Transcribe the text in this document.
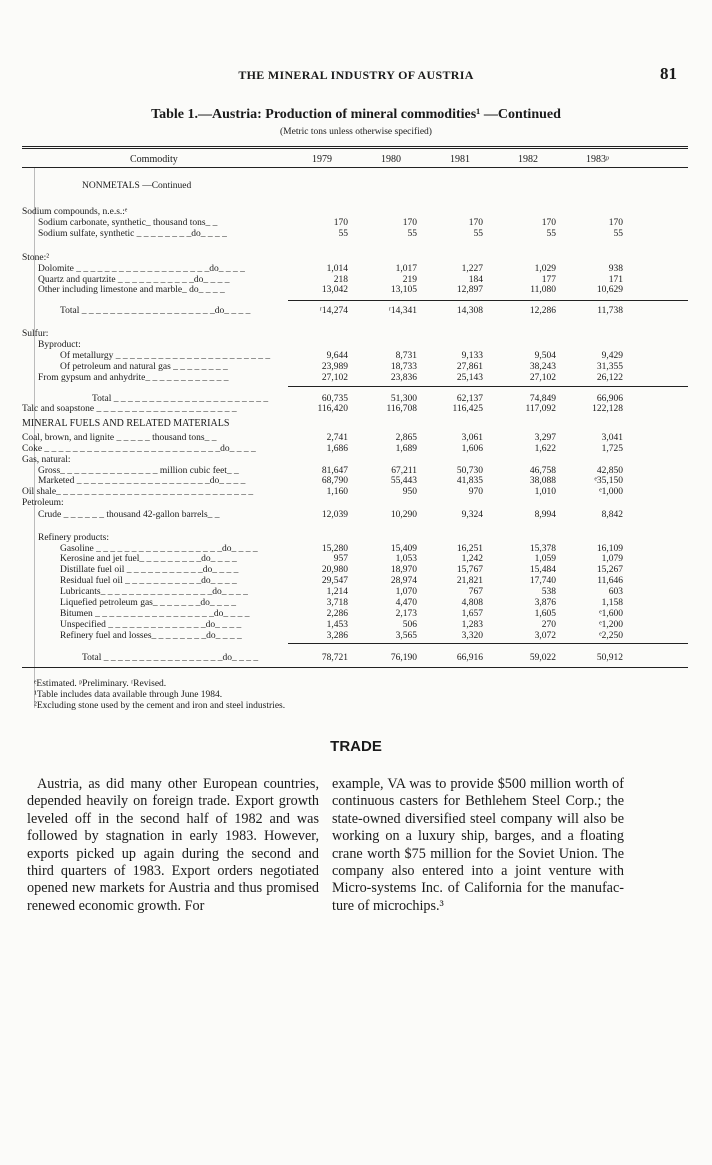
THE MINERAL INDUSTRY OF AUSTRIA	81
Table 1.—Austria: Production of mineral commodities¹ —Continued
(Metric tons unless otherwise specified)
Commodity	1979	1980	1981	1982	1983ᵖ
NONMETALS —Continued
Sodium compounds, n.e.s.:ᵉ
Sodium carbonate, synthetic_ thousand tons_ _	170	170	170	170	170
Sodium sulfate, synthetic _ _ _ _ _ _ _ _do_ _ _ _	55	55	55	55	55
Stone:²
Dolomite _ _ _ _ _ _ _ _ _ _ _ _ _ _ _ _ _ _ _do_ _ _ _	1,014	1,017	1,227	1,029	938
Quartz and quartzite _ _ _ _ _ _ _ _ _ _ _do_ _ _ _	218	219	184	177	171
Other including limestone and marble_ do_ _ _ _	13,042	13,105	12,897	11,080	10,629
Total _ _ _ _ _ _ _ _ _ _ _ _ _ _ _ _ _ _ _do_ _ _ _	ʳ14,274	ʳ14,341	14,308	12,286	11,738
Sulfur:
Byproduct:
Of metallurgy _ _ _ _ _ _ _ _ _ _ _ _ _ _ _ _ _ _ _ _ _ _	9,644	8,731	9,133	9,504	9,429
Of petroleum and natural gas _ _ _ _ _ _ _ _	23,989	18,733	27,861	38,243	31,355
From gypsum and anhydrite_ _ _ _ _ _ _ _ _ _ _ _	27,102	23,836	25,143	27,102	26,122
Total _ _ _ _ _ _ _ _ _ _ _ _ _ _ _ _ _ _ _ _ _ _	60,735	51,300	62,137	74,849	66,906
Talc and soapstone _ _ _ _ _ _ _ _ _ _ _ _ _ _ _ _ _ _ _ _	116,420	116,708	116,425	117,092	122,128
MINERAL FUELS AND RELATED MATERIALS
Coal, brown, and lignite _ _ _ _ _ thousand tons_ _	2,741	2,865	3,061	3,297	3,041
Coke _ _ _ _ _ _ _ _ _ _ _ _ _ _ _ _ _ _ _ _ _ _ _ _ _do_ _ _ _	1,686	1,689	1,606	1,622	1,725
Gas, natural:
Gross_ _ _ _ _ _ _ _ _ _ _ _ _ _ million cubic feet_ _	81,647	67,211	50,730	46,758	42,850
Marketed _ _ _ _ _ _ _ _ _ _ _ _ _ _ _ _ _ _ _do_ _ _ _	68,790	55,443	41,835	38,088	ᵉ35,150
Oil shale_ _ _ _ _ _ _ _ _ _ _ _ _ _ _ _ _ _ _ _ _ _ _ _ _ _ _ _	1,160	950	970	1,010	ᵉ1,000
Petroleum:
Crude _ _ _ _ _ _ thousand 42-gallon barrels_ _	12,039	10,290	9,324	8,994	8,842
Refinery products:
Gasoline _ _ _ _ _ _ _ _ _ _ _ _ _ _ _ _ _ _do_ _ _ _	15,280	15,409	16,251	15,378	16,109
Kerosine and jet fuel_ _ _ _ _ _ _ _ _do_ _ _ _	957	1,053	1,242	1,059	1,079
Distillate fuel oil _ _ _ _ _ _ _ _ _ _ _do_ _ _ _	20,980	18,970	15,767	15,484	15,267
Residual fuel oil _ _ _ _ _ _ _ _ _ _ _do_ _ _ _	29,547	28,974	21,821	17,740	11,646
Lubricants_ _ _ _ _ _ _ _ _ _ _ _ _ _ _ _do_ _ _ _	1,214	1,070	767	538	603
Liquefied petroleum gas_ _ _ _ _ _ _do_ _ _ _	3,718	4,470	4,808	3,876	1,158
Bitumen _ _ _ _ _ _ _ _ _ _ _ _ _ _ _ _ _do_ _ _ _	2,286	2,173	1,657	1,605	ᵉ1,600
Unspecified _ _ _ _ _ _ _ _ _ _ _ _ _ _do_ _ _ _	1,453	506	1,283	270	ᵉ1,200
Refinery fuel and losses_ _ _ _ _ _ _ _do_ _ _ _	3,286	3,565	3,320	3,072	ᵉ2,250
Total _ _ _ _ _ _ _ _ _ _ _ _ _ _ _ _ _do_ _ _ _	78,721	76,190	66,916	59,022	50,912
ᵉEstimated. ᵖPreliminary. ʳRevised.
¹Table includes data available through June 1984.
²Excluding stone used by the cement and iron and steel industries.
TRADE

Austria, as did many other European countries, depended heavily on foreign trade. Export growth leveled off in the second half of 1982 and was followed by stagnation in early 1983. However, exports picked up again during the second and third quarters of 1983. Export orders negotiated opened new markets for Austria and thus promised renewed economic growth. For

example, VA was to provide $500 million worth of continuous casters for Bethlehem Steel Corp.; the state-owned diversified steel company will also be working on a luxury ship, barges, and a floating crane worth $75 million for the Soviet Union. The company also entered into a joint venture with Micro-systems Inc. of California for the manufac-ture of microchips.³
